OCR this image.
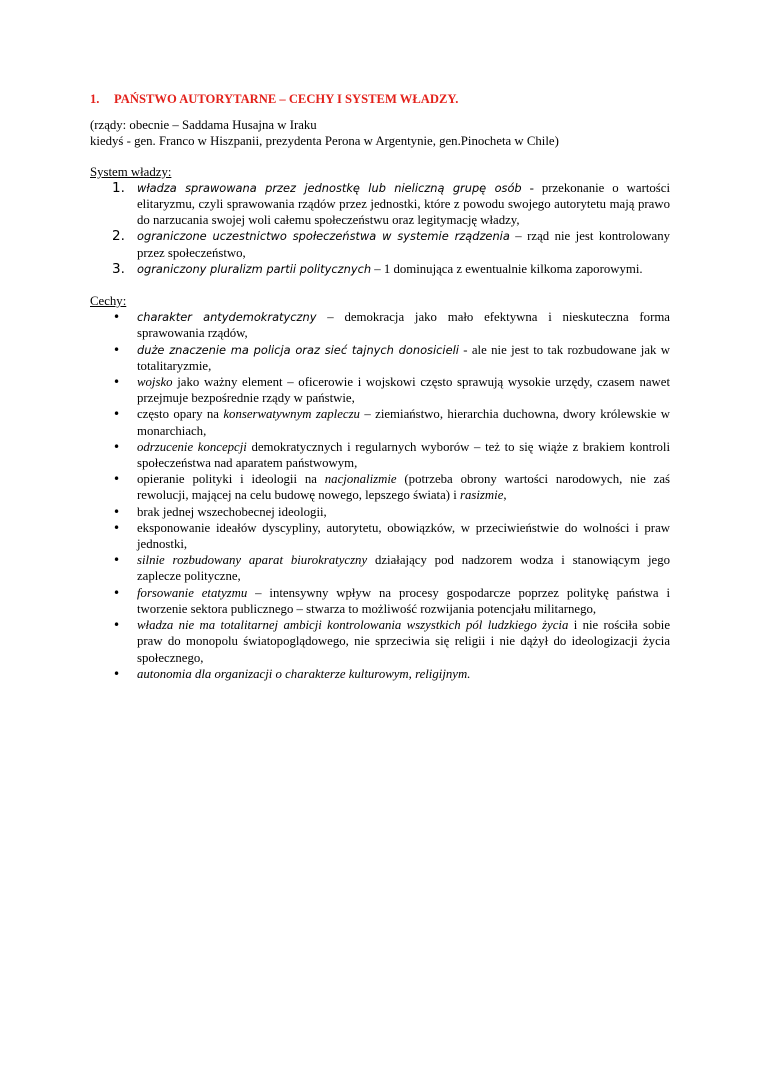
1. PAŃSTWO AUTORYTARNE – CECHY I SYSTEM WŁADZY.
(rządy: obecnie – Saddama Husajna w Iraku
kiedyś - gen. Franco w Hiszpanii, prezydenta Perona w Argentynie, gen.Pinocheta w Chile)
System władzy:
1. władza sprawowana przez jednostkę lub nieliczną grupę osób - przekonanie o wartości elitaryzmu, czyli sprawowania rządów przez jednostki, które z powodu swojego autorytetu mają prawo do narzucania swojej woli całemu społeczeństwu oraz legitymację władzy,
2. ograniczone uczestnictwo społeczeństwa w systemie rządzenia – rząd nie jest kontrolowany przez społeczeństwo,
3. ograniczony pluralizm partii politycznych – 1 dominująca z ewentualnie kilkoma zaporowymi.
Cechy:
• charakter antydemokratyczny – demokracja jako mało efektywna i nieskuteczna forma sprawowania rządów,
• duże znaczenie ma policja oraz sieć tajnych donosicieli - ale nie jest to tak rozbudowane jak w totalitaryzmie,
• wojsko jako ważny element – oficerowie i wojskowi często sprawują wysokie urzędy, czasem nawet przejmuje bezpośrednie rządy w państwie,
• często opary na konserwatywnym zapleczu – ziemiaństwo, hierarchia duchowna, dwory królewskie w monarchiach,
• odrzucenie koncepcji demokratycznych i regularnych wyborów – też to się wiąże z brakiem kontroli społeczeństwa nad aparatem państwowym,
• opieranie polityki i ideologii na nacjonalizmie (potrzeba obrony wartości narodowych, nie zaś rewolucji, mającej na celu budowę nowego, lepszego świata) i rasizmie,
• brak jednej wszechobecnej ideologii,
• eksponowanie ideałów dyscypliny, autorytetu, obowiązków, w przeciwieństwie do wolności i praw jednostki,
• silnie rozbudowany aparat biurokratyczny działający pod nadzorem wodza i stanowiącym jego zaplecze polityczne,
• forsowanie etatyzmu – intensywny wpływ na procesy gospodarcze poprzez politykę państwa i tworzenie sektora publicznego – stwarza to możliwość rozwijania potencjału militarnego,
• władza nie ma totalitarnej ambicji kontrolowania wszystkich pól ludzkiego życia i nie rościła sobie praw do monopolu światopoglądowego, nie sprzeciwia się religii i nie dążył do ideologizacji życia społecznego,
• autonomia dla organizacji o charakterze kulturowym, religijnym.
